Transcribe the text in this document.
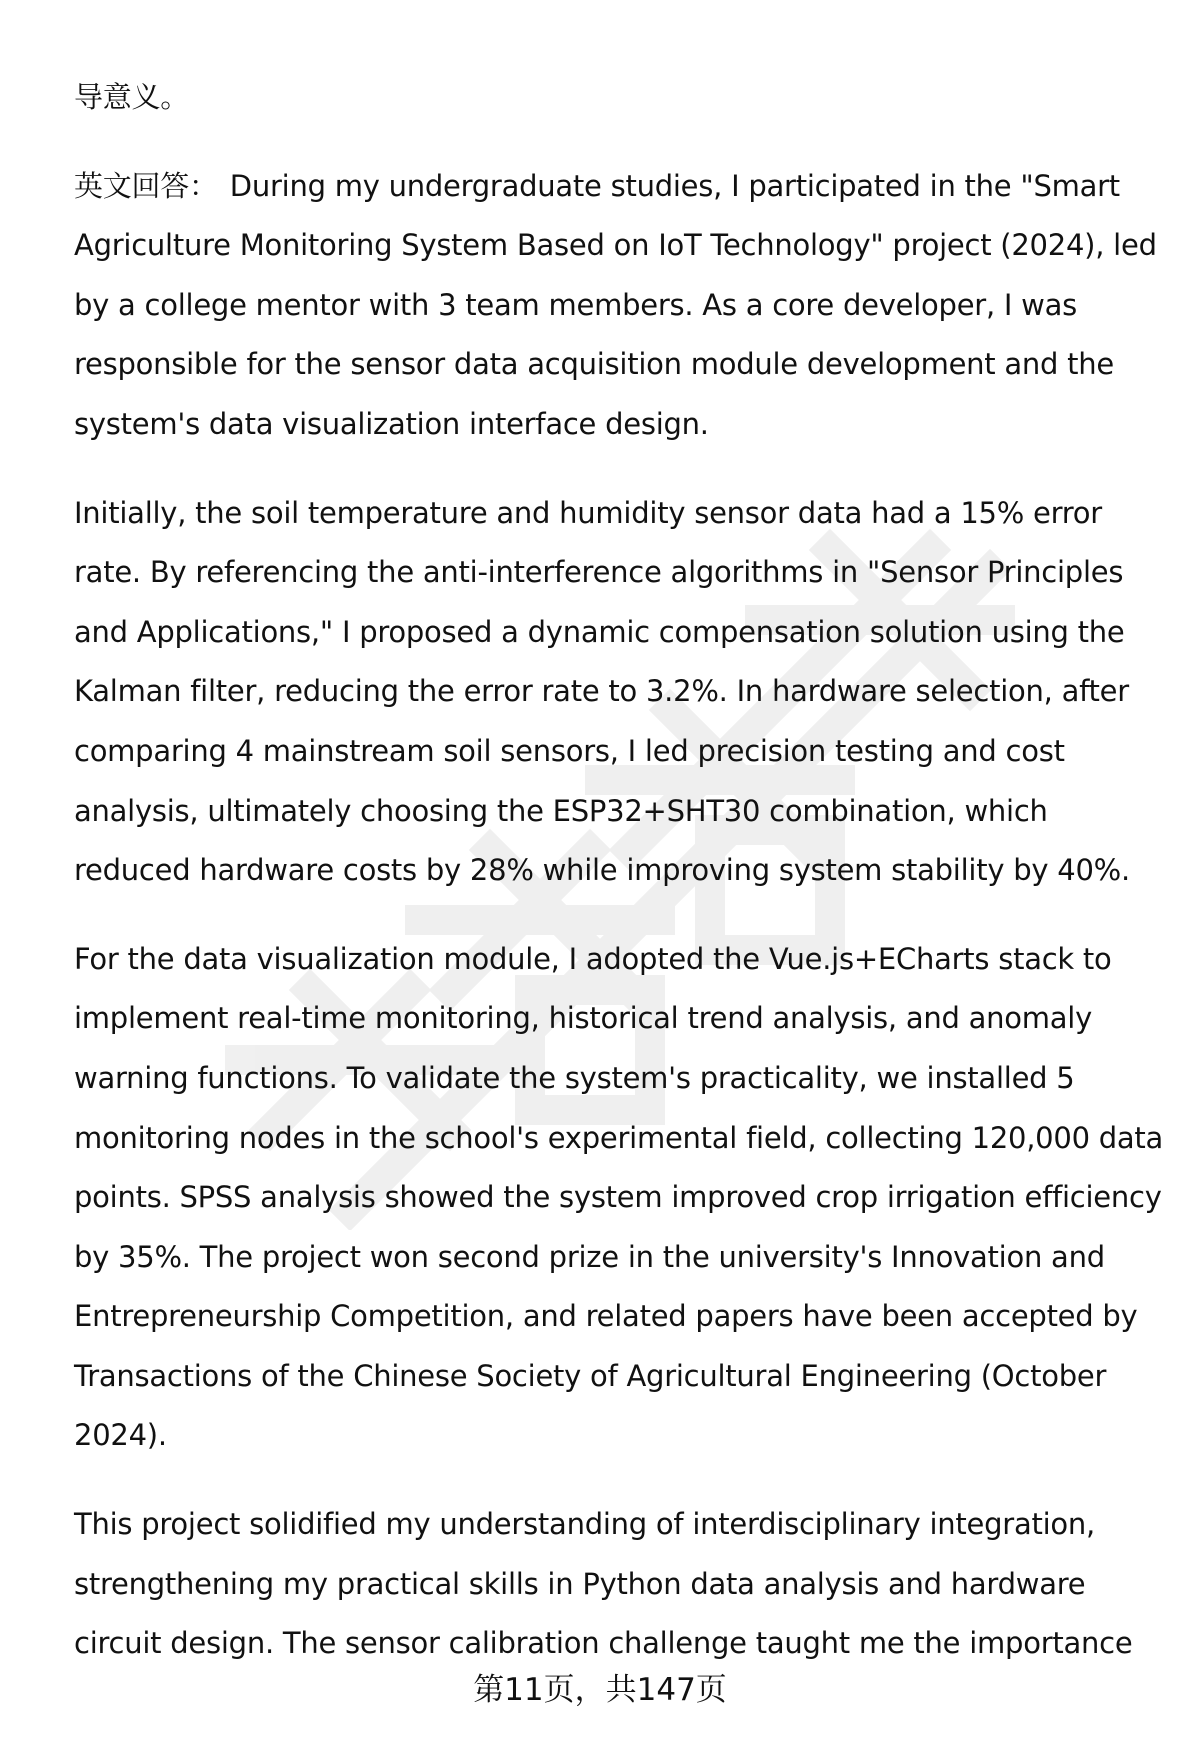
导意义。

英文回答： During my undergraduate studies, I participated in the "Smart Agriculture Monitoring System Based on IoT Technology" project (2024), led by a college mentor with 3 team members. As a core developer, I was responsible for the sensor data acquisition module development and the system's data visualization interface design.

Initially, the soil temperature and humidity sensor data had a 15% error rate. By referencing the anti-interference algorithms in "Sensor Principles and Applications," I proposed a dynamic compensation solution using the Kalman filter, reducing the error rate to 3.2%. In hardware selection, after comparing 4 mainstream soil sensors, I led precision testing and cost analysis, ultimately choosing the ESP32+SHT30 combination, which reduced hardware costs by 28% while improving system stability by 40%.

For the data visualization module, I adopted the Vue.js+ECharts stack to implement real-time monitoring, historical trend analysis, and anomaly warning functions. To validate the system's practicality, we installed 5 monitoring nodes in the school's experimental field, collecting 120,000 data points. SPSS analysis showed the system improved crop irrigation efficiency by 35%. The project won second prize in the university's Innovation and Entrepreneurship Competition, and related papers have been accepted by Transactions of the Chinese Society of Agricultural Engineering (October 2024).

This project solidified my understanding of interdisciplinary integration, strengthening my practical skills in Python data analysis and hardware circuit design. The sensor calibration challenge taught me the importance

第11页，共147页
